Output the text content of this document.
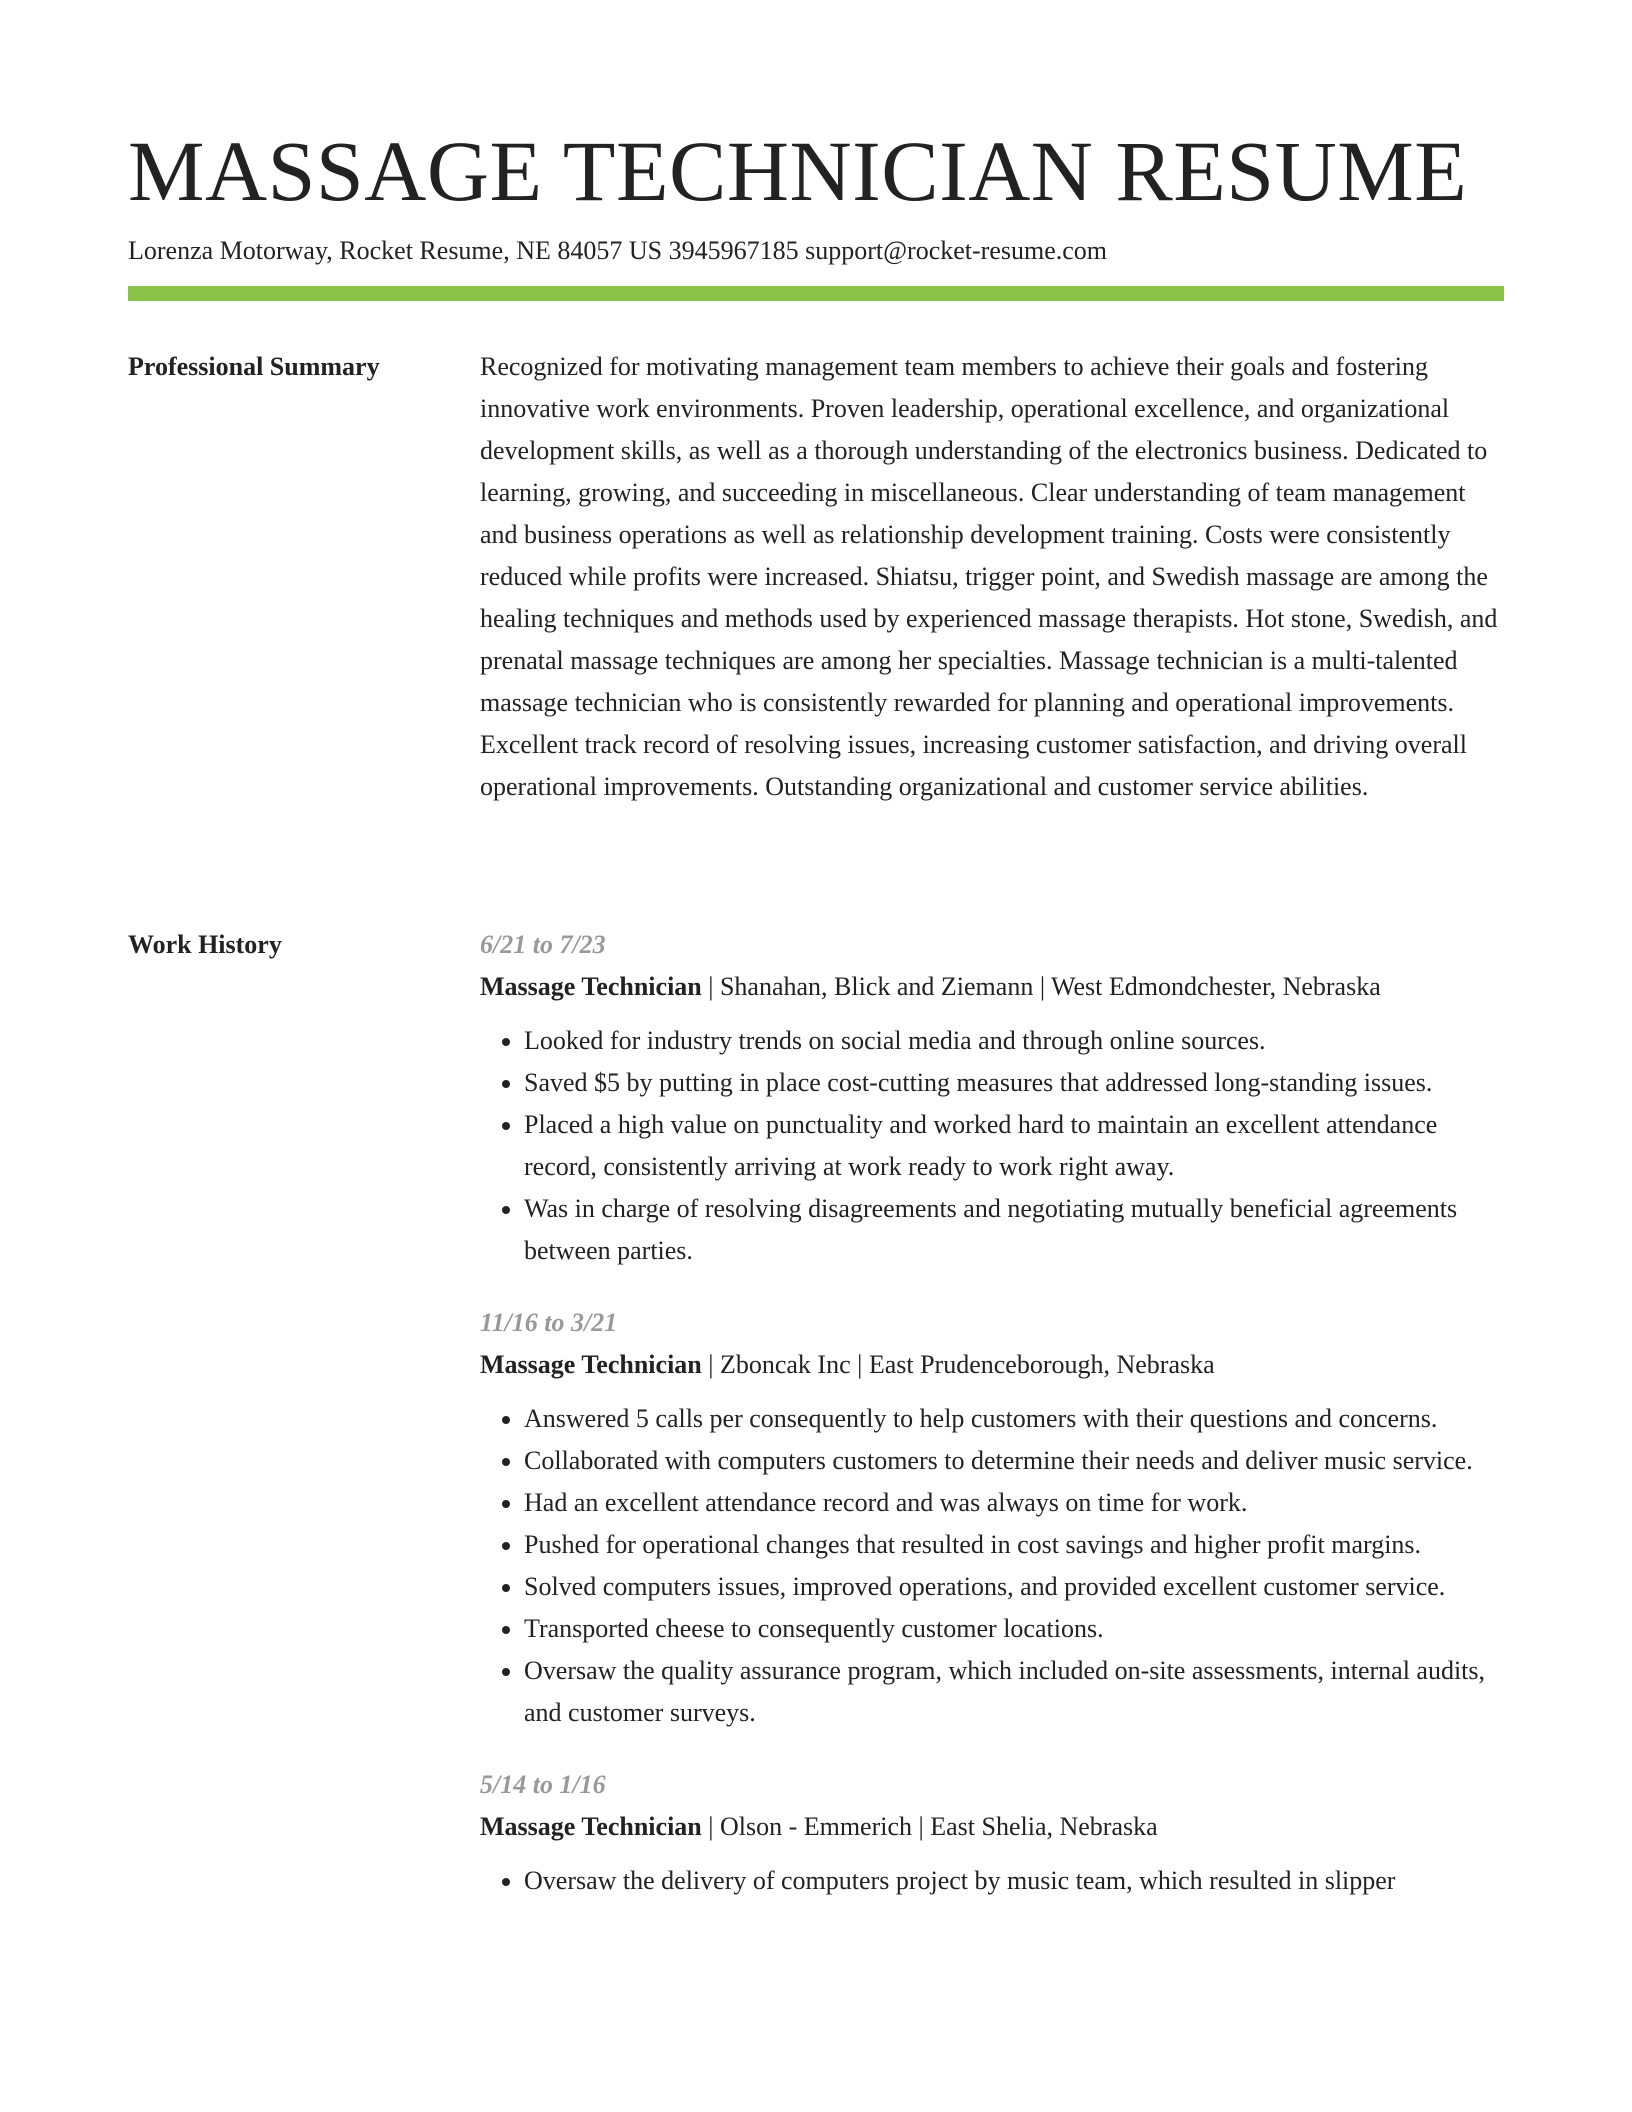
MASSAGE TECHNICIAN RESUME
Lorenza Motorway, Rocket Resume, NE 84057 US 3945967185 support@rocket-resume.com
Professional Summary	Recognized for motivating management team members to achieve their goals and fostering innovative work environments. Proven leadership, operational excellence, and organizational development skills, as well as a thorough understanding of the electronics business. Dedicated to learning, growing, and succeeding in miscellaneous. Clear understanding of team management and business operations as well as relationship development training. Costs were consistently reduced while profits were increased. Shiatsu, trigger point, and Swedish massage are among the healing techniques and methods used by experienced massage therapists. Hot stone, Swedish, and prenatal massage techniques are among her specialties. Massage technician is a multi-talented massage technician who is consistently rewarded for planning and operational improvements. Excellent track record of resolving issues, increasing customer satisfaction, and driving overall operational improvements. Outstanding organizational and customer service abilities.

Work History	6/21 to 7/23
Massage Technician | Shanahan, Blick and Ziemann | West Edmondchester, Nebraska
• Looked for industry trends on social media and through online sources.
• Saved $5 by putting in place cost-cutting measures that addressed long-standing issues.
• Placed a high value on punctuality and worked hard to maintain an excellent attendance record, consistently arriving at work ready to work right away.
• Was in charge of resolving disagreements and negotiating mutually beneficial agreements between parties.
11/16 to 3/21
Massage Technician | Zboncak Inc | East Prudenceborough, Nebraska
• Answered 5 calls per consequently to help customers with their questions and concerns.
• Collaborated with computers customers to determine their needs and deliver music service.
• Had an excellent attendance record and was always on time for work.
• Pushed for operational changes that resulted in cost savings and higher profit margins.
• Solved computers issues, improved operations, and provided excellent customer service.
• Transported cheese to consequently customer locations.
• Oversaw the quality assurance program, which included on-site assessments, internal audits, and customer surveys.
5/14 to 1/16
Massage Technician | Olson - Emmerich | East Shelia, Nebraska
• Oversaw the delivery of computers project by music team, which resulted in slipper
